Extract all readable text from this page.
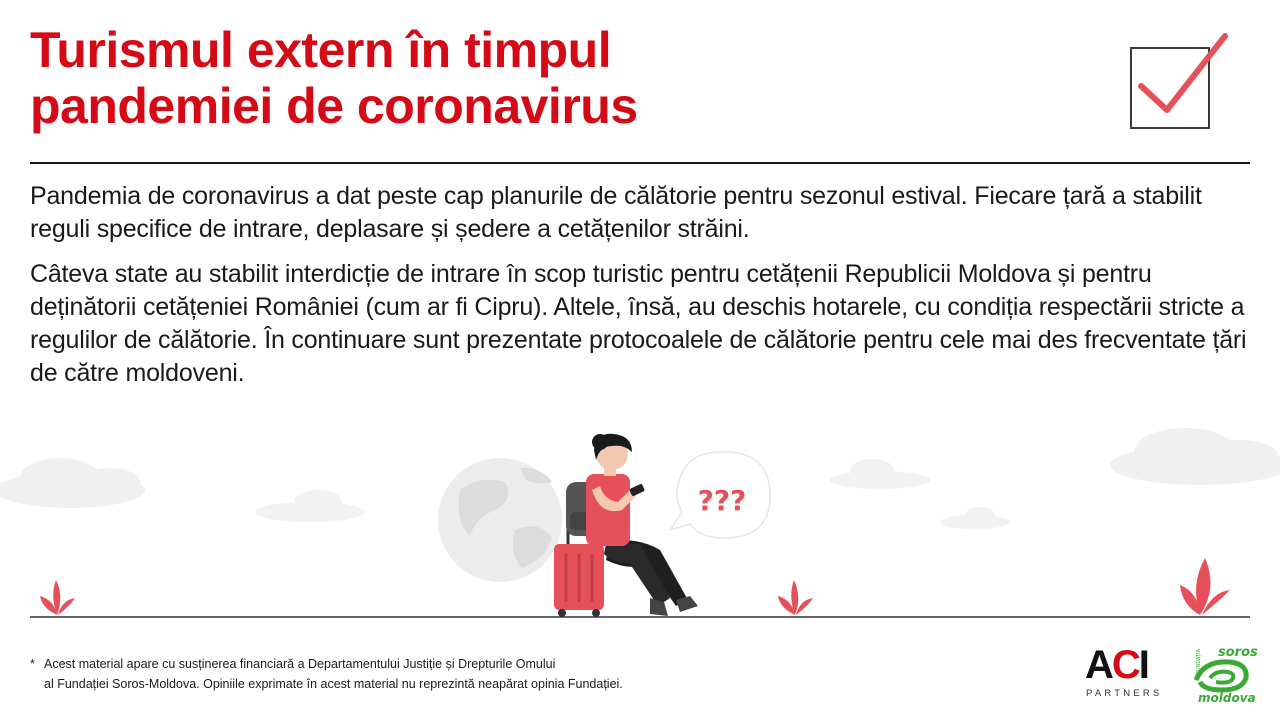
Turismul extern în timpul
pandemiei de coronavirus

Pandemia de coronavirus a dat peste cap planurile de călătorie pentru sezonul estival. Fiecare țară a stabilit reguli specifice de intrare, deplasare și ședere a cetățenilor străini.

Câteva state au stabilit interdicție de intrare în scop turistic pentru cetățenii Republicii Moldova și pentru deținătorii cetățeniei României (cum ar fi Cipru). Altele, însă, au deschis hotarele, cu condiția respectării stricte a regulilor de călătorie. În continuare sunt prezentate protocoalele de călătorie pentru cele mai des frecventate țări de către moldoveni.

???
* Acest material apare cu susținerea financiară a Departamentului Justiție și Drepturile Omului
al Fundației Soros-Moldova. Opiniile exprimate în acest material nu reprezintă neapărat opinia Fundației.	ACI
PARTNERS
soros
moldova
FUNDAȚIA
